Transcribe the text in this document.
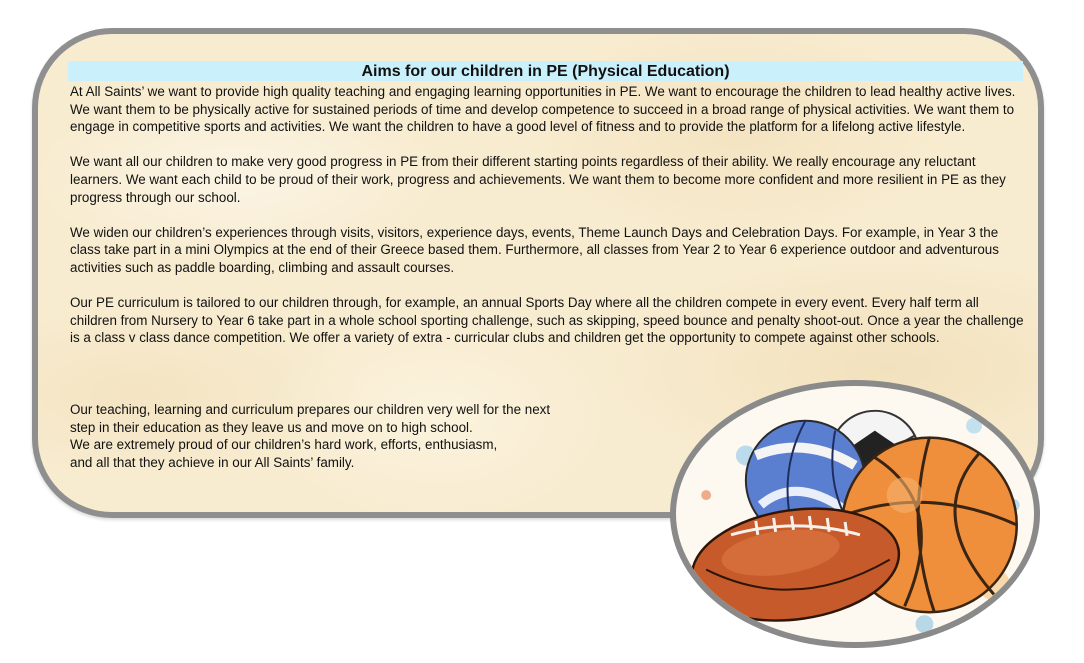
Aims for our children in PE (Physical Education)

At All Saints’ we want to provide high quality teaching and engaging learning opportunities in PE. We want to encourage the children to lead healthy active lives. We want them to be physically active for sustained periods of time and develop competence to succeed in a broad range of physical activities. We want them to engage in competitive sports and activities. We want the children to have a good level of fitness and to provide the platform for a lifelong active lifestyle.

We want all our children to make very good progress in PE from their different starting points regardless of their ability. We really encourage any reluctant learners. We want each child to be proud of their work, progress and achievements. We want them to become more confident and more resilient in PE as they progress through our school.

We widen our children’s experiences through visits, visitors, experience days, events, Theme Launch Days and Celebration Days. For example, in Year 3 the class take part in a mini Olympics at the end of their Greece based them. Furthermore, all classes from Year 2 to Year 6 experience outdoor and adventurous activities such as paddle boarding, climbing and assault courses.

Our PE curriculum is tailored to our children through, for example, an annual Sports Day where all the children compete in every event. Every half term all children from Nursery to Year 6 take part in a whole school sporting challenge, such as skipping, speed bounce and penalty shoot-out. Once a year the challenge is a class v class dance competition. We offer a variety of extra - curricular clubs and children get the opportunity to compete against other schools.

Our teaching, learning and curriculum prepares our children very well for the next
step in their education as they leave us and move on to high school.
We are extremely proud of our children’s hard work, efforts, enthusiasm,
and all that they achieve in our All Saints’ family.
